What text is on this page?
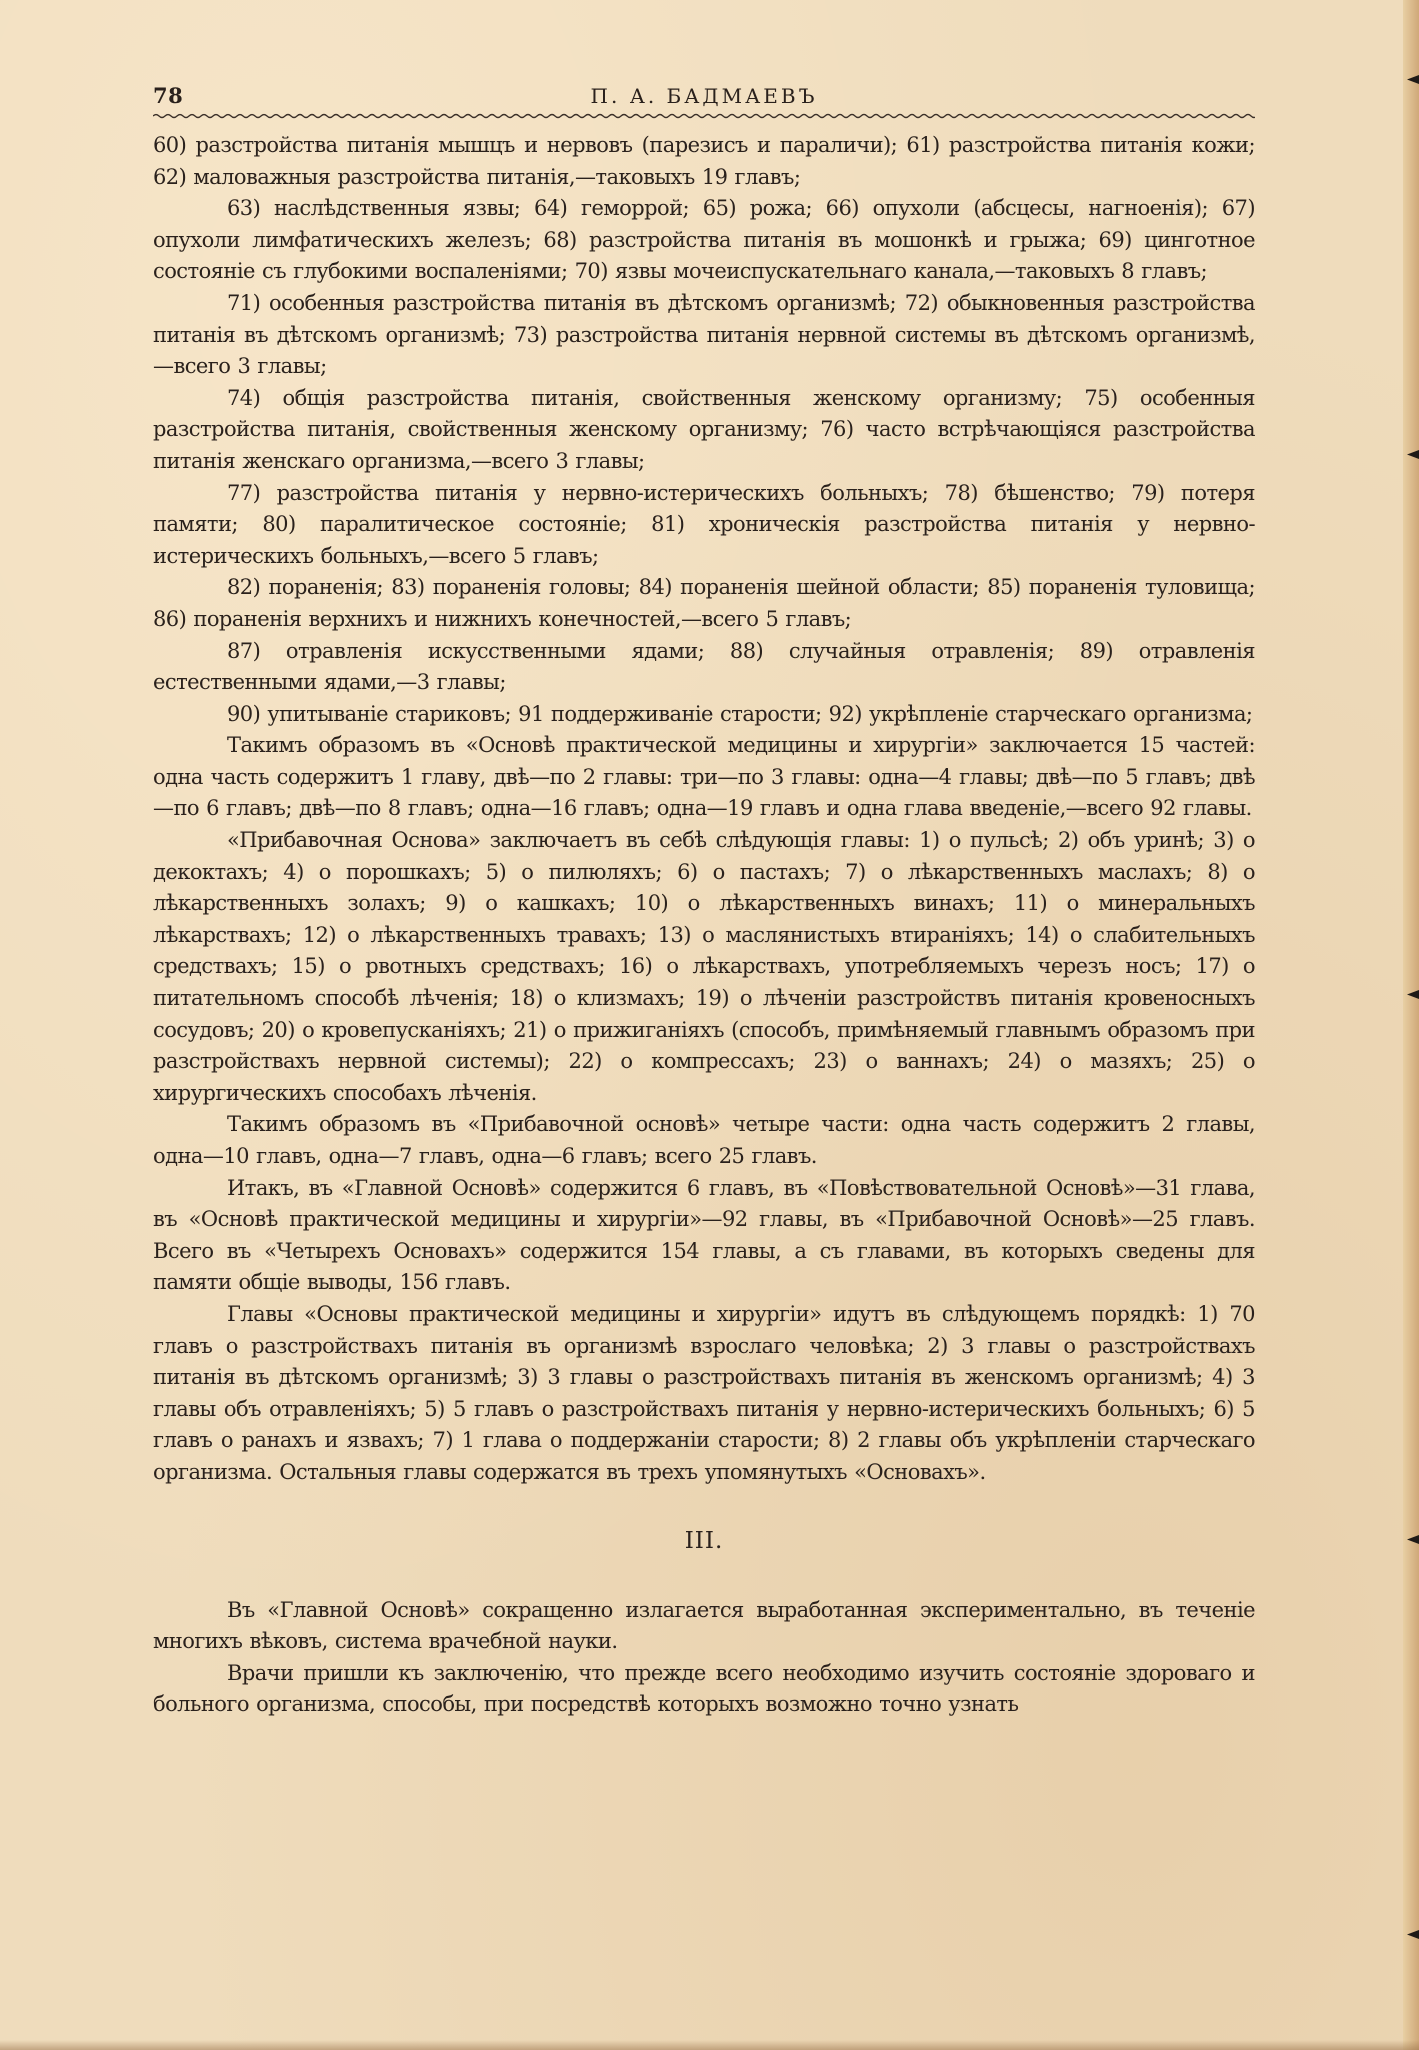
78	П. А. БАДМАЕВЪ

60) разстройства питанія мышцъ и нервовъ (парезисъ и параличи); 61) разстройства питанія кожи; 62) маловажныя разстройства питанія,—таковыхъ 19 главъ;

63) наслѣдственныя язвы; 64) геморрой; 65) рожа; 66) опухоли (абсцесы, нагноенія); 67) опухоли лимфатическихъ железъ; 68) разстройства питанія въ мошонкѣ и грыжа; 69) цинготное состояніе съ глубокими воспаленіями; 70) язвы мочеиспускательнаго канала,—таковыхъ 8 главъ;

71) особенныя разстройства питанія въ дѣтскомъ организмѣ; 72) обыкновенныя разстройства питанія въ дѣтскомъ организмѣ; 73) разстройства питанія нервной системы въ дѣтскомъ организмѣ,—всего 3 главы;

74) общія разстройства питанія, свойственныя женскому организму; 75) особенныя разстройства питанія, свойственныя женскому организму; 76) часто встрѣчающіяся разстройства питанія женскаго организма,—всего 3 главы;

77) разстройства питанія у нервно-истерическихъ больныхъ; 78) бѣшенство; 79) потеря памяти; 80) паралитическое состояніе; 81) хроническія разстройства питанія у нервно-истерическихъ больныхъ,—всего 5 главъ;

82) пораненія; 83) пораненія головы; 84) пораненія шейной области; 85) пораненія туловища; 86) пораненія верхнихъ и нижнихъ конечностей,—всего 5 главъ;

87) отравленія искусственными ядами; 88) случайныя отравленія; 89) отравленія естественными ядами,—3 главы;

90) упитываніе стариковъ; 91 поддерживаніе старости; 92) укрѣпленіе старческаго организма;

Такимъ образомъ въ «Основѣ практической медицины и хирургіи» заключается 15 частей: одна часть содержитъ 1 главу, двѣ—по 2 главы: три—по 3 главы: одна—4 главы; двѣ—по 5 главъ; двѣ—по 6 главъ; двѣ—по 8 главъ; одна—16 главъ; одна—19 главъ и одна глава введеніе,—всего 92 главы.

«Прибавочная Основа» заключаетъ въ себѣ слѣдующія главы: 1) о пульсѣ; 2) объ уринѣ; 3) о декоктахъ; 4) о порошкахъ; 5) о пилюляхъ; 6) о пастахъ; 7) о лѣкарственныхъ маслахъ; 8) о лѣкарственныхъ золахъ; 9) о кашкахъ; 10) о лѣкарственныхъ винахъ; 11) о минеральныхъ лѣкарствахъ; 12) о лѣкарственныхъ травахъ; 13) о маслянистыхъ втираніяхъ; 14) о слабительныхъ средствахъ; 15) о рвотныхъ средствахъ; 16) о лѣкарствахъ, употребляемыхъ черезъ носъ; 17) о питательномъ способѣ лѣченія; 18) о клизмахъ; 19) о лѣченіи разстройствъ питанія кровеносныхъ сосудовъ; 20) о кровепусканіяхъ; 21) о прижиганіяхъ (способъ, примѣняемый главнымъ образомъ при разстройствахъ нервной системы); 22) о компрессахъ; 23) о ваннахъ; 24) о мазяхъ; 25) о хирургическихъ способахъ лѣченія.

Такимъ образомъ въ «Прибавочной основѣ» четыре части: одна часть содержитъ 2 главы, одна—10 главъ, одна—7 главъ, одна—6 главъ; всего 25 главъ.

Итакъ, въ «Главной Основѣ» содержится 6 главъ, въ «Повѣствовательной Основѣ»—31 глава, въ «Основѣ практической медицины и хирургіи»—92 главы, въ «Прибавочной Основѣ»—25 главъ. Всего въ «Четырехъ Основахъ» содержится 154 главы, а съ главами, въ которыхъ сведены для памяти общіе выводы, 156 главъ.

Главы «Основы практической медицины и хирургіи» идутъ въ слѣдующемъ порядкѣ: 1) 70 главъ о разстройствахъ питанія въ организмѣ взрослаго человѣка; 2) 3 главы о разстройствахъ питанія въ дѣтскомъ организмѣ; 3) 3 главы о разстройствахъ питанія въ женскомъ организмѣ; 4) 3 главы объ отравленіяхъ; 5) 5 главъ о разстройствахъ питанія у нервно-истерическихъ больныхъ; 6) 5 главъ о ранахъ и язвахъ; 7) 1 глава о поддержаніи старости; 8) 2 главы объ укрѣпленіи старческаго организма. Остальныя главы содержатся въ трехъ упомянутыхъ «Основахъ».

III.

Въ «Главной Основѣ» сокращенно излагается выработанная экспериментально, въ теченіе многихъ вѣковъ, система врачебной науки.

Врачи пришли къ заключенію, что прежде всего необходимо изучить состояніе здороваго и больного организма, способы, при посредствѣ которыхъ возможно точно узнать
